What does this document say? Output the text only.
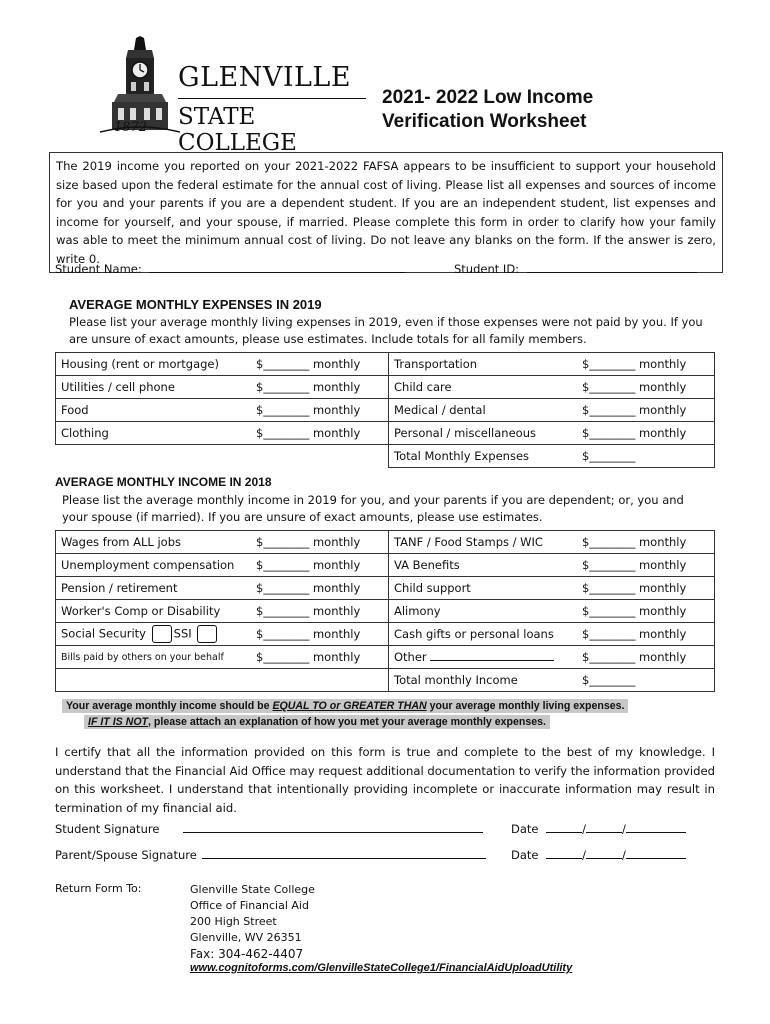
1872
GLENVILLE
STATE COLLEGE
2021- 2022 Low Income
Verification Worksheet
The 2019 income you reported on your 2021-2022 FAFSA appears to be insufficient to support your household size based upon the federal estimate for the annual cost of living. Please list all expenses and sources of income for you and your parents if you are a dependent student. If you are an independent student, list expenses and income for yourself, and your spouse, if married. Please complete this form in order to clarify how your family was able to meet the minimum annual cost of living. Do not leave any blanks on the form. If the answer is zero, write 0.
Student Name:	Student ID:
AVERAGE MONTHLY EXPENSES IN 2019
Please list your average monthly living expenses in 2019, even if those expenses were not paid by you. If you are unsure of exact amounts, please use estimates. Include totals for all family members.
Housing (rent or mortgage)	$________ monthly	Transportation	$________ monthly
Utilities / cell phone	$________ monthly	Child care	$________ monthly
Food	$________ monthly	Medical / dental	$________ monthly
Clothing	$________ monthly	Personal / miscellaneous	$________ monthly
		Total Monthly Expenses	$________
AVERAGE MONTHLY INCOME IN 2018
Please list the average monthly income in 2019 for you, and your parents if you are dependent; or, you and your spouse (if married). If you are unsure of exact amounts, please use estimates.
Wages from ALL jobs	$________ monthly	TANF / Food Stamps / WIC	$________ monthly
Unemployment compensation	$________ monthly	VA Benefits	$________ monthly
Pension / retirement	$________ monthly	Child support	$________ monthly
Worker's Comp or Disability	$________ monthly	Alimony	$________ monthly
Social Security SSI	$________ monthly	Cash gifts or personal loans	$________ monthly
Bills paid by others on your behalf	$________ monthly	Other	$________ monthly
		Total monthly Income	$________
Your average monthly income should be EQUAL TO or GREATER THAN your average monthly living expenses.
IF IT IS NOT, please attach an explanation of how you met your average monthly expenses.
I certify that all the information provided on this form is true and complete to the best of my knowledge. I understand that the Financial Aid Office may request additional documentation to verify the information provided on this worksheet. I understand that intentionally providing incomplete or inaccurate information may result in termination of my financial aid.
Student Signature	Date	/	/
Parent/Spouse Signature	Date	/	/
Return Form To:	Glenville State College
Office of Financial Aid
200 High Street
Glenville, WV 26351
Fax: 304-462-4407
www.cognitoforms.com/GlenvilleStateCollege1/FinancialAidUploadUtility
